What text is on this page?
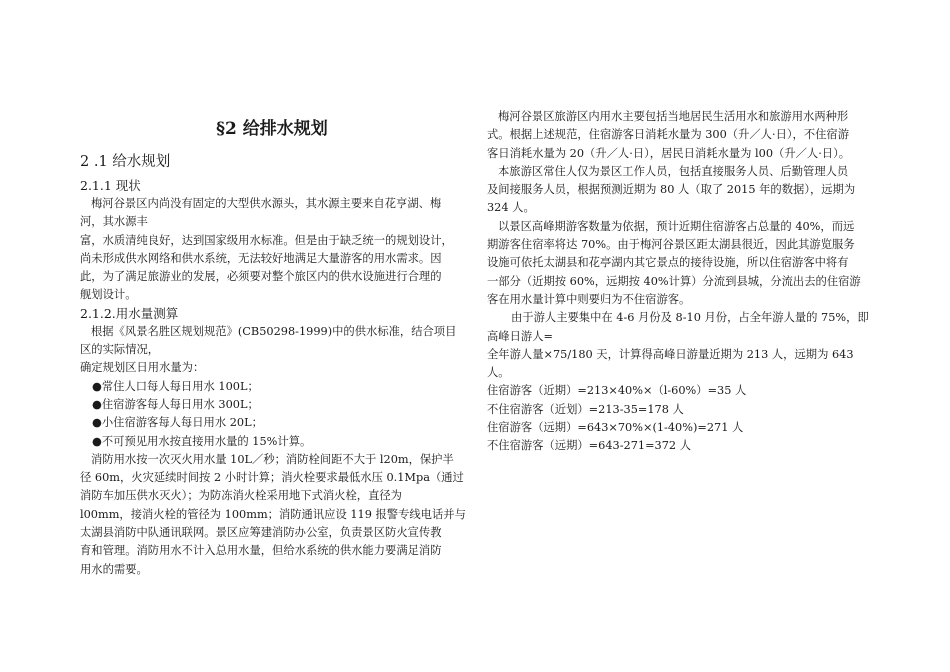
§2 给排水规划
2 .1 给水规划
2.1.1 现状

梅河谷景区内尚没有固定的大型供水源头，其水源主要来自花亨湖、梅

河，其水源丰

富，水质清纯良好，达到国家级用水标准。但是由于缺乏统一的规划设计，

尚未形成供水网络和供水系统，无法较好地满足大量游客的用水需求。因

此，为了满足旅游业的发展，必须要对整个旅区内的供水设施进行合理的

舰划设计。

2.1.2.用水量测算

根据《风景名胜区规划规范》(CB50298-1999)中的供水标准，结合项目

区的实际情况，

确定规划区日用水量为：

●常住人口每人每日用水 100L；

●住宿游客每人每日用水 300L；

●小住宿游客每人每日用水 20L；

●不可预见用水按直接用水量的 15%计算。

消防用水按一次灭火用水量 10L／秒；消防栓间距不大于 l20m，保护半

径 60m，火灾延续时间按 2 小时计算；消火栓要求最低水压 0.1Mpa（通过

消防车加压供水灭火）；为防冻消火栓采用地下式消火栓，直径为

l00mm，接消火栓的管径为 100mm；消防通讯应设 119 报警专线电话并与

太湖县消防中队通讯联网。景区应筹建消防办公室，负责景区防火宣传教

育和管理。消防用水不计入总用水量，但给水系统的供水能力要满足消防

用水的需要。

梅河谷景区旅游区内用水主要包括当地居民生活用水和旅游用水两种形

式。根据上述规范，住宿游客日消耗水量为 300（升／人·日），不住宿游

客日消耗水量为 20（升／人·日），居民日消耗水量为 l00（升／人·日）。

本旅游区常住人仅为景区工作人员，包括直接服务人员、后勤管理人员

及间接服务人员，根据预测近期为 80 人（取了 2015 年的数据），远期为

324 人。

以景区高峰期游客数量为依据，预计近期住宿游客占总量的 40%，而远

期游客住宿率将达 70%。由于梅河谷景区距太湖县很近，因此其游览服务

设施可依托太湖县和花亭湖内其它景点的接待设施，所以住宿游客中将有

一部分（近期按 60%，远期按 40%计算）分流到县城，分流出去的住宿游

客在用水量计算中则要归为不住宿游客。

由于游人主要集中在 4-6 月份及 8-10 月份，占全年游人量的 75%，即

高峰日游人=

全年游人量×75/180 天，计算得高峰日游量近期为 213 人，远期为 643 人。

住宿游客（近期）=213×40%×（l-60%）=35 人

不住宿游客（近划）=213-35=178 人

住宿游客（远期）=643×70%×(1-40%)=271 人

不住宿游客（远期）=643-271=372 人
